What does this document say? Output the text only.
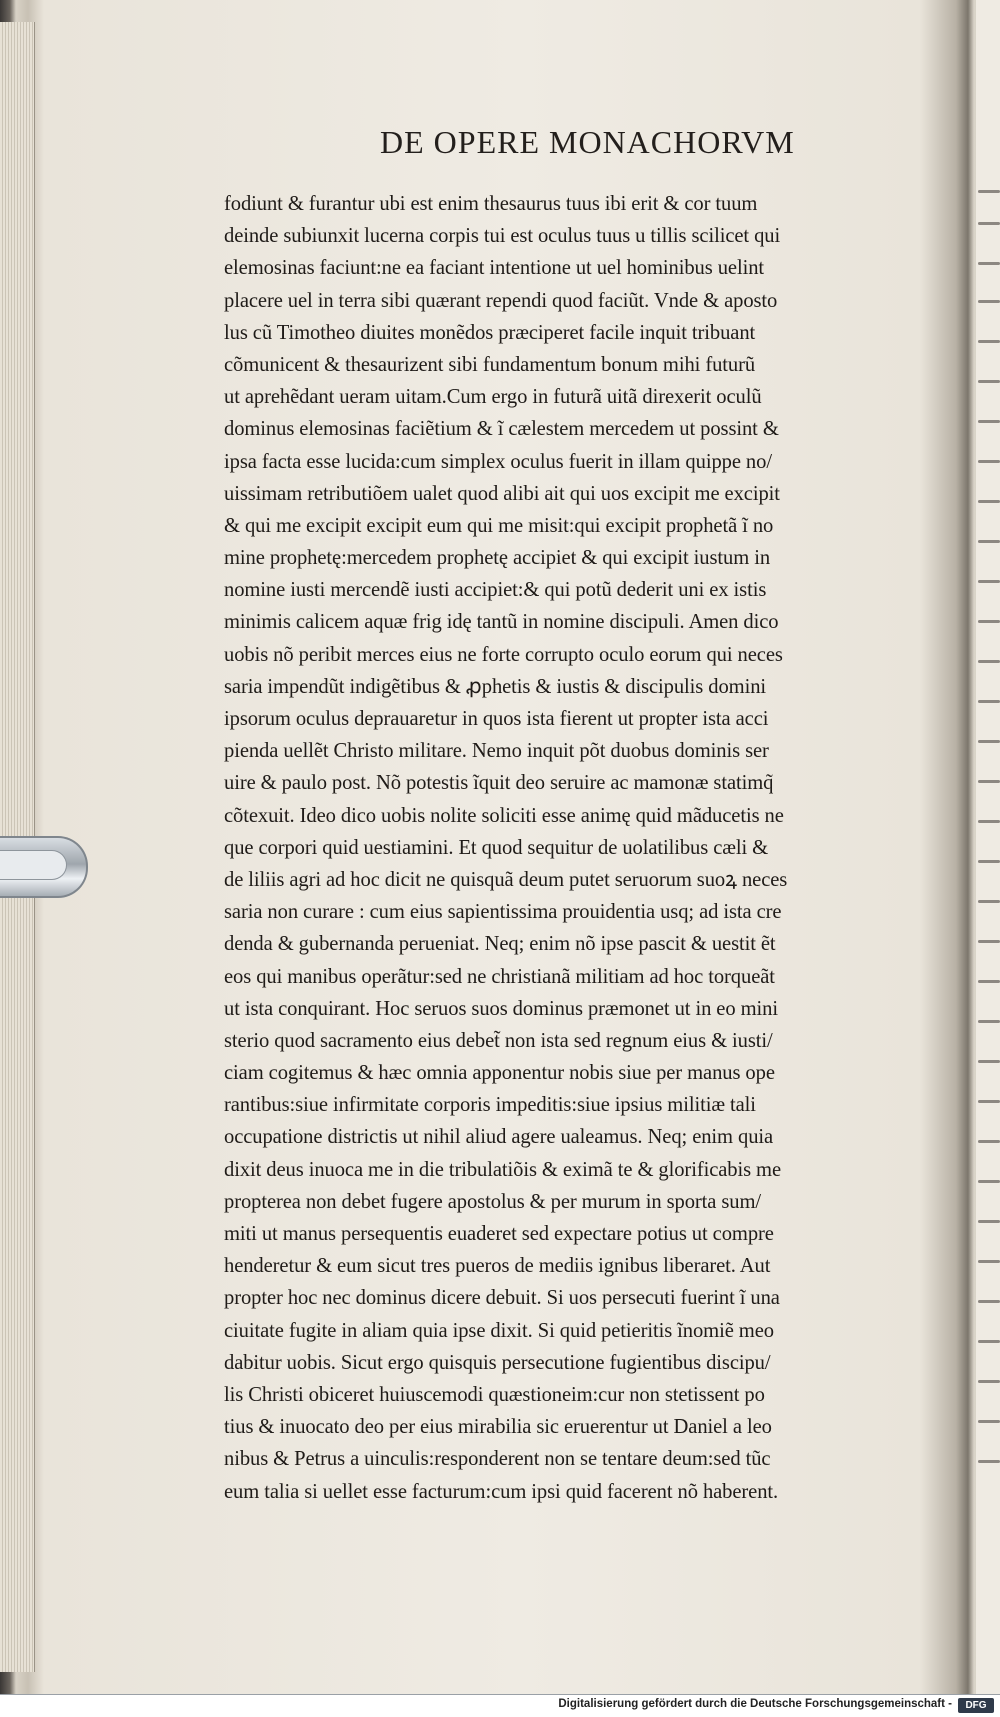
DE OPERE MONACHORVM
fodiunt & furantur ubi est enim thesaurus tuus ibi erit & cor tuum
deinde subiunxit lucerna corpis tui est oculus tuus u tillis scilicet qui
elemosinas faciunt:ne ea faciant intentione ut uel hominibus uelint
placere uel in terra sibi quærant rependi quod faciũt. Vnde & aposto
lus cũ Timotheo diuites monẽdos præciperet facile inquit tribuant
cõmunicent & thesaurizent sibi fundamentum bonum mihi futurũ
ut aprehẽdant ueram uitam.Cum ergo in futurã uitã direxerit oculũ
dominus elemosinas faciẽtium & ĩ cælestem mercedem ut possint &
ipsa facta esse lucida:cum simplex oculus fuerit in illam quippe no/
uissimam retributiõem ualet quod alibi ait qui uos excipit me excipit
& qui me excipit excipit eum qui me misit:qui excipit prophetã ĩ no
mine prophetę:mercedem prophetę accipiet & qui excipit iustum in
nomine iusti mercendẽ iusti accipiet:& qui potũ dederit uni ex istis
minimis calicem aquæ frig idę tantũ in nomine discipuli. Amen dico
uobis nõ peribit merces eius ne forte corrupto oculo eorum qui neces
saria impendũt indigẽtibus & ꝓphetis & iustis & discipulis domini
ipsorum oculus deprauaretur in quos ista fierent ut propter ista acci
pienda uellẽt Christo militare. Nemo inquit põt duobus dominis ser
uire & paulo post. Nõ potestis ĩquit deo seruire ac mamonæ statimq̃
cõtexuit. Ideo dico uobis nolite soliciti esse animę quid mãducetis ne
que corpori quid uestiamini. Et quod sequitur de uolatilibus cæli &
de liliis agri ad hoc dicit ne quisquã deum putet seruorum suoꝝ neces
saria non curare : cum eius sapientissima prouidentia usq; ad ista cre
denda & gubernanda perueniat. Neq; enim nõ ipse pascit & uestit ẽt
eos qui manibus operãtur:sed ne christianã militiam ad hoc torqueãt
ut ista conquirant. Hoc seruos suos dominus præmonet ut in eo mini
sterio quod sacramento eius debet̃ non ista sed regnum eius & iusti/
ciam cogitemus & hæc omnia apponentur nobis siue per manus ope
rantibus:siue infirmitate corporis impeditis:siue ipsius militiæ tali
occupatione districtis ut nihil aliud agere ualeamus. Neq; enim quia
dixit deus inuoca me in die tribulatiõis & eximã te & glorificabis me
propterea non debet fugere apostolus & per murum in sporta sum/
miti ut manus persequentis euaderet sed expectare potius ut compre
henderetur & eum sicut tres pueros de mediis ignibus liberaret. Aut
propter hoc nec dominus dicere debuit. Si uos persecuti fuerint ĩ una
ciuitate fugite in aliam quia ipse dixit. Si quid petieritis ĩnomiẽ meo
dabitur uobis. Sicut ergo quisquis persecutione fugientibus discipu/
lis Christi obiceret huiuscemodi quæstioneim:cur non stetissent po
tius & inuocato deo per eius mirabilia sic eruerentur ut Daniel a leo
nibus & Petrus a uinculis:responderent non se tentare deum:sed tũc
eum talia si uellet esse facturum:cum ipsi quid facerent nõ haberent.
Digitalisierung gefördert durch die Deutsche Forschungsgemeinschaft -	DFG
